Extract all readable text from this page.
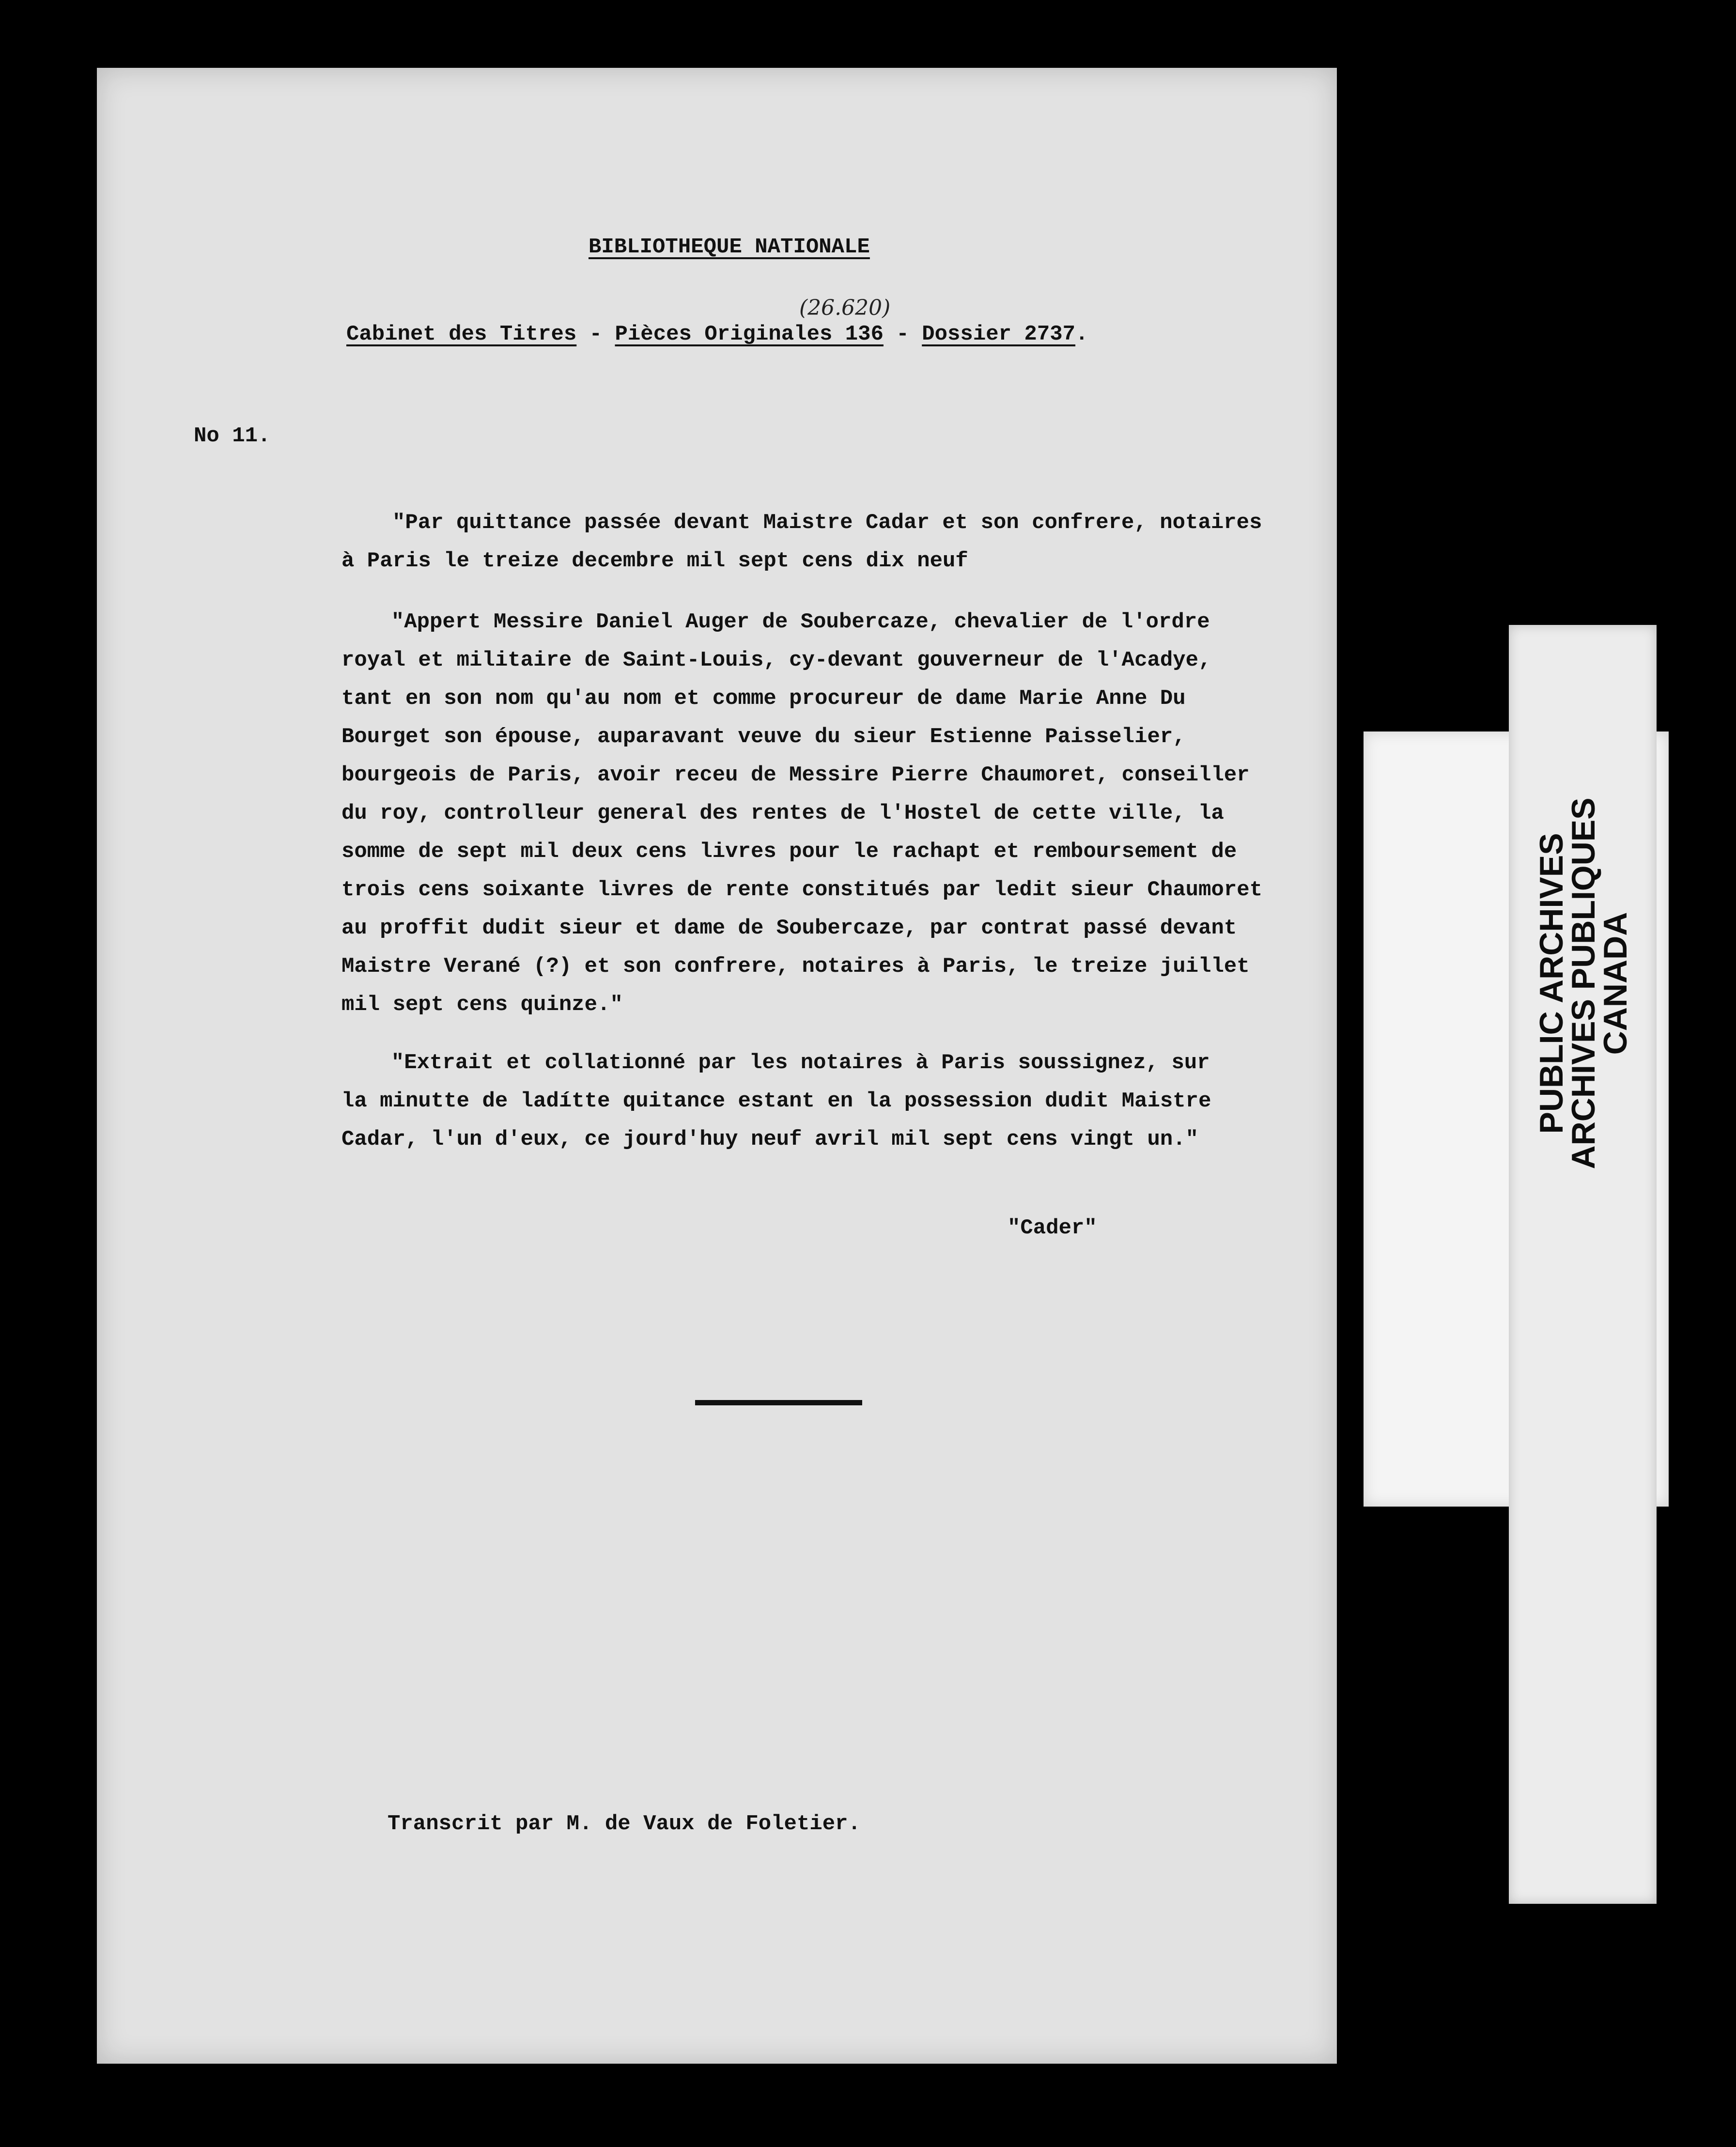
BIBLIOTHEQUE NATIONALE
(26.620)
Cabinet des Titres - Pièces Originales 136 - Dossier 2737.
No 11.
"Par quittance passée devant Maistre Cadar et son confrere, notaires
à Paris le treize decembre mil sept cens dix neuf
"Appert Messire Daniel Auger de Soubercaze, chevalier de l'ordre
royal et militaire de Saint-Louis, cy-devant gouverneur de l'Acadye,
tant en son nom qu'au nom et comme procureur de dame Marie Anne Du
Bourget son épouse, auparavant veuve du sieur Estienne Paisselier,
bourgeois de Paris, avoir receu de Messire Pierre Chaumoret, conseiller
du roy, controlleur general des rentes de l'Hostel de cette ville, la
somme de sept mil deux cens livres pour le rachapt et remboursement de
trois cens soixante livres de rente constitués par ledit sieur Chaumoret
au proffit dudit sieur et dame de Soubercaze, par contrat passé devant
Maistre Verané (?) et son confrere, notaires à Paris, le treize juillet
mil sept cens quinze."
"Extrait et collationné par les notaires à Paris soussignez, sur
la minutte de ladítte quitance estant en la possession dudit Maistre
Cadar, l'un d'eux, ce jourd'huy neuf avril mil sept cens vingt un."
"Cader"
Transcrit par M. de Vaux de Foletier.
PUBLIC ARCHIVES
ARCHIVES PUBLIQUES
CANADA
